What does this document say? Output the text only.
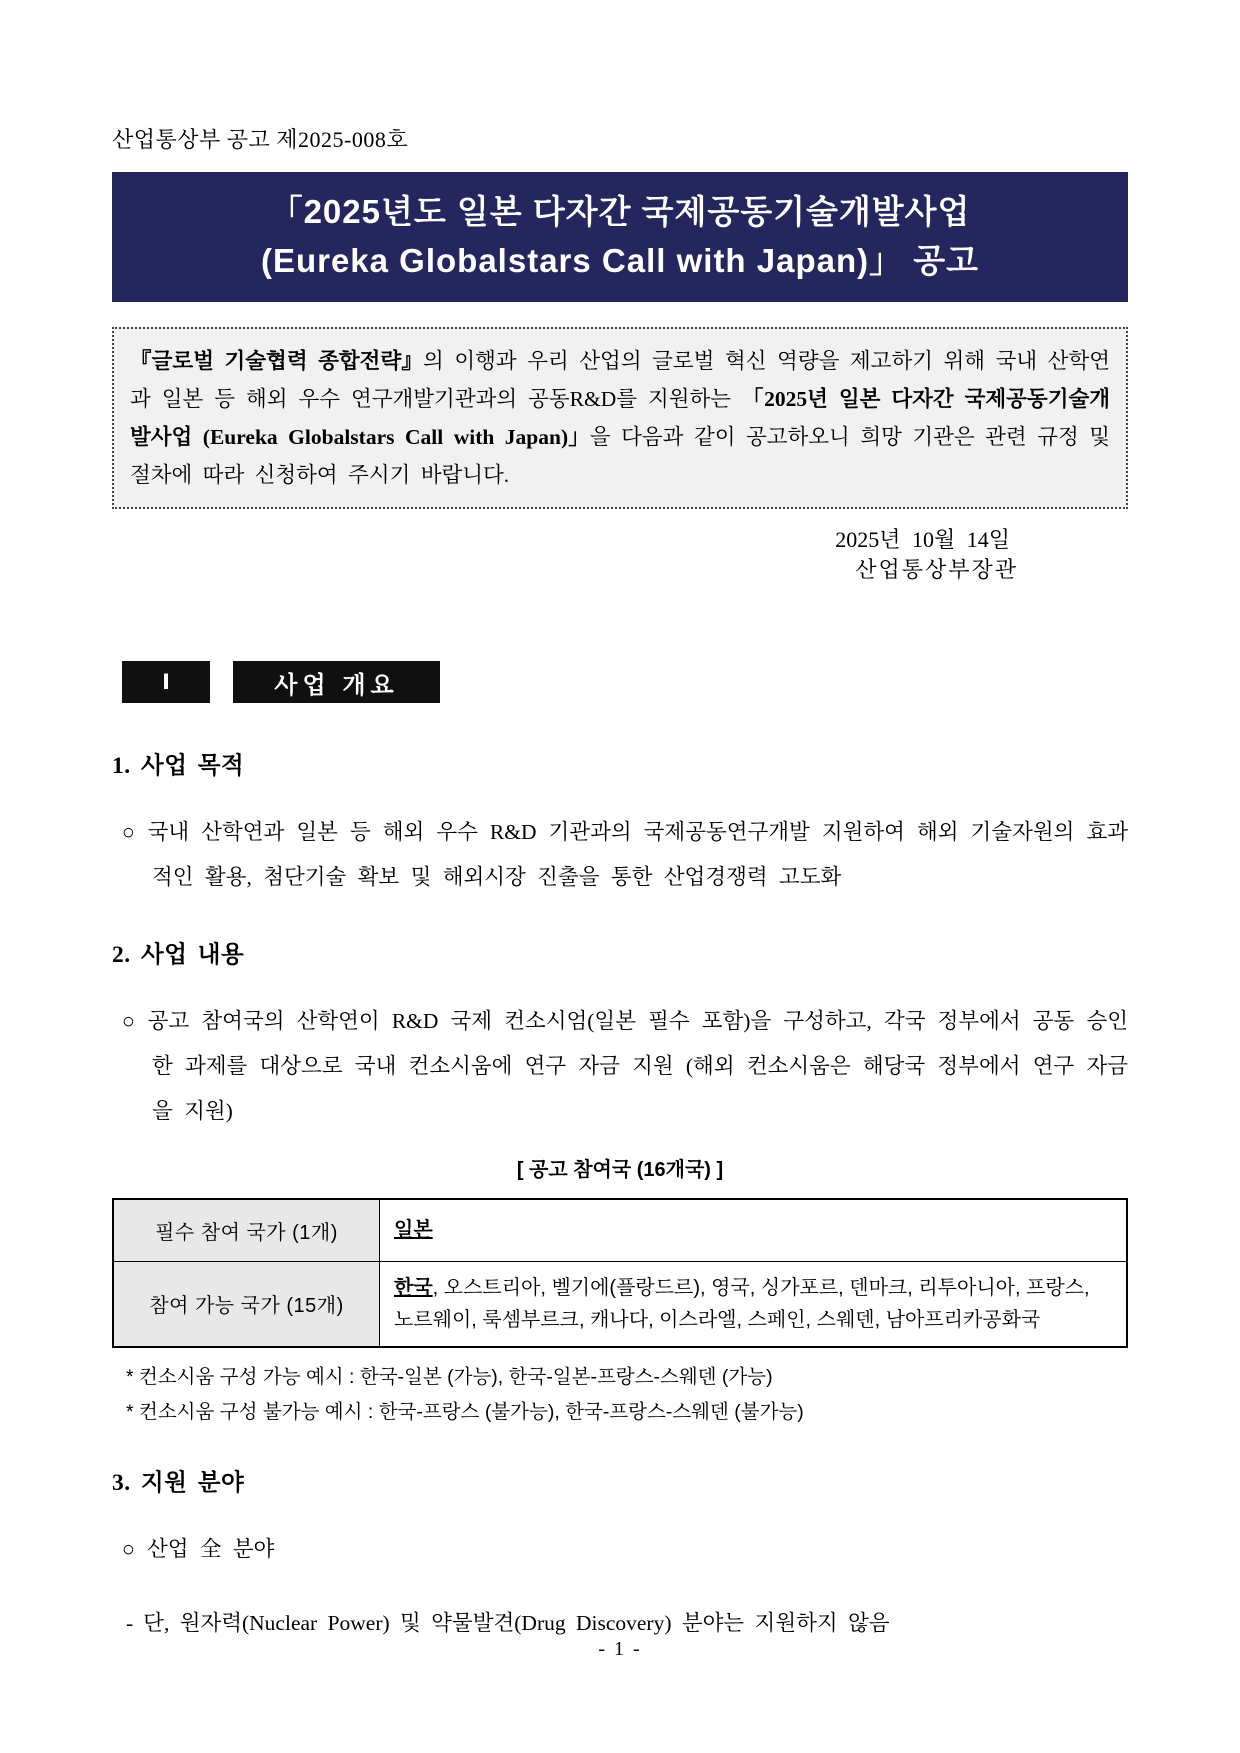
산업통상부 공고 제2025-008호
「2025년도 일본 다자간 국제공동기술개발사업
(Eureka Globalstars Call with Japan)」 공고
『글로벌 기술협력 종합전략』의 이행과 우리 산업의 글로벌 혁신 역량을 제고하기 위해 국내 산학연과 일본 등 해외 우수 연구개발기관과의 공동R&D를 지원하는 「2025년 일본 다자간 국제공동기술개발사업 (Eureka Globalstars Call with Japan)」을 다음과 같이 공고하오니 희망 기관은 관련 규정 및 절차에 따라 신청하여 주시기 바랍니다.
2025년 10월 14일
산업통상부장관
Ⅰ	사업 개요
1. 사업 목적
○ 국내 산학연과 일본 등 해외 우수 R&D 기관과의 국제공동연구개발 지원하여 해외 기술자원의 효과적인 활용, 첨단기술 확보 및 해외시장 진출을 통한 산업경쟁력 고도화
2. 사업 내용
○ 공고 참여국의 산학연이 R&D 국제 컨소시엄(일본 필수 포함)을 구성하고, 각국 정부에서 공동 승인한 과제를 대상으로 국내 컨소시움에 연구 자금 지원 (해외 컨소시움은 해당국 정부에서 연구 자금을 지원)
[ 공고 참여국 (16개국) ]
필수 참여 국가 (1개)	일본
참여 가능 국가 (15개)	한국, 오스트리아, 벨기에(플랑드르), 영국, 싱가포르, 덴마크, 리투아니아, 프랑스, 노르웨이, 룩셈부르크, 캐나다, 이스라엘, 스페인, 스웨덴, 남아프리카공화국
* 컨소시움 구성 가능 예시 : 한국-일본 (가능), 한국-일본-프랑스-스웨덴 (가능)
* 컨소시움 구성 불가능 예시 : 한국-프랑스 (불가능), 한국-프랑스-스웨덴 (불가능)
3. 지원 분야
○ 산업 全 분야
- 단, 원자력(Nuclear Power) 및 약물발견(Drug Discovery) 분야는 지원하지 않음
- 1 -
